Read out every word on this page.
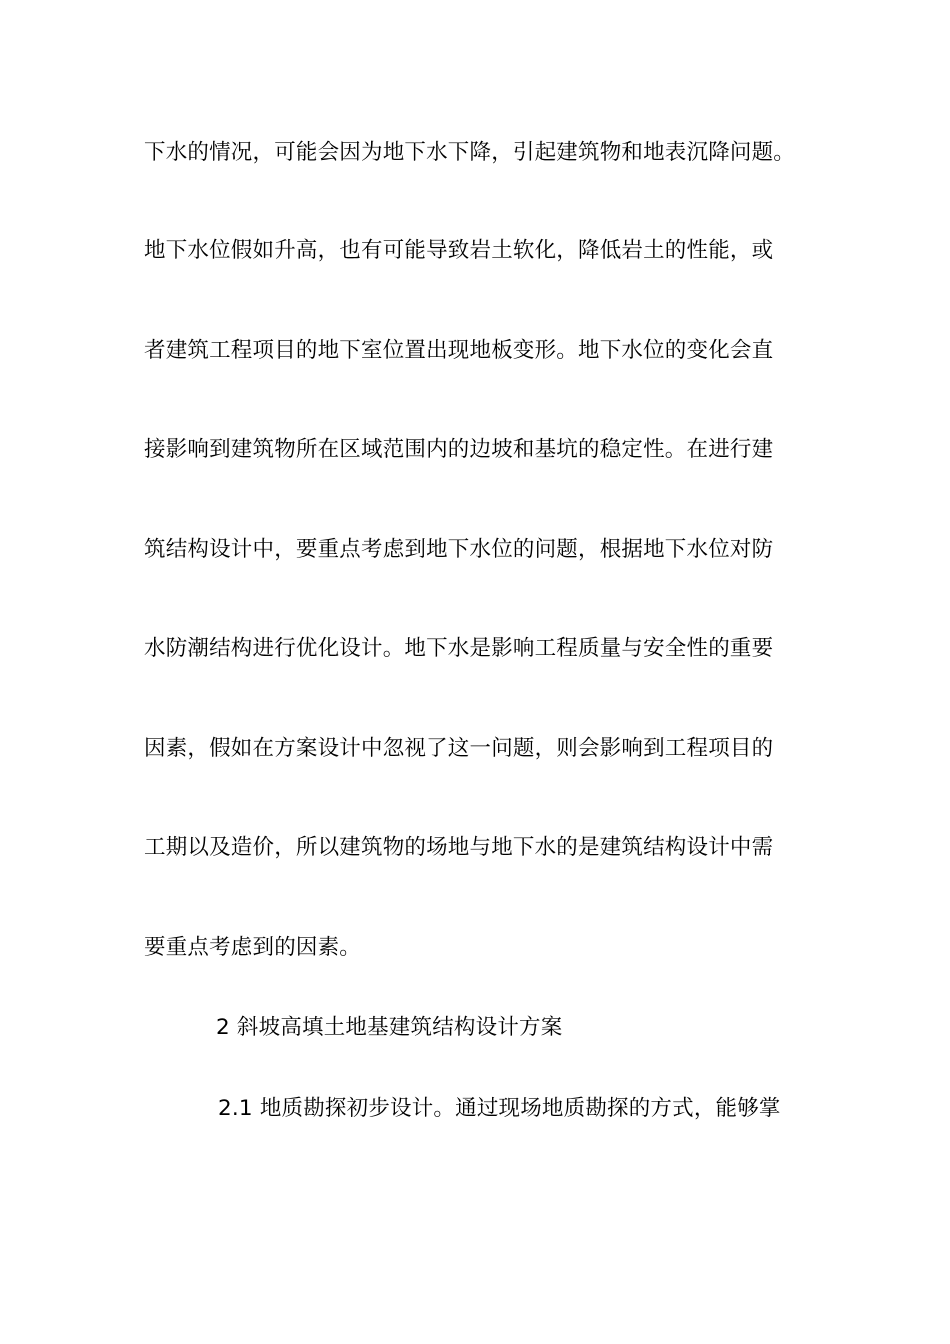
下水的情况，可能会因为地下水下降，引起建筑物和地表沉降问题。
地下水位假如升高，也有可能导致岩土软化，降低岩土的性能，或
者建筑工程项目的地下室位置出现地板变形。地下水位的变化会直
接影响到建筑物所在区域范围内的边坡和基坑的稳定性。在进行建
筑结构设计中，要重点考虑到地下水位的问题，根据地下水位对防
水防潮结构进行优化设计。地下水是影响工程质量与安全性的重要
因素，假如在方案设计中忽视了这一问题，则会影响到工程项目的
工期以及造价，所以建筑物的场地与地下水的是建筑结构设计中需
要重点考虑到的因素。
2 斜坡高填土地基建筑结构设计方案
2.1 地质勘探初步设计。通过现场地质勘探的方式，能够掌
